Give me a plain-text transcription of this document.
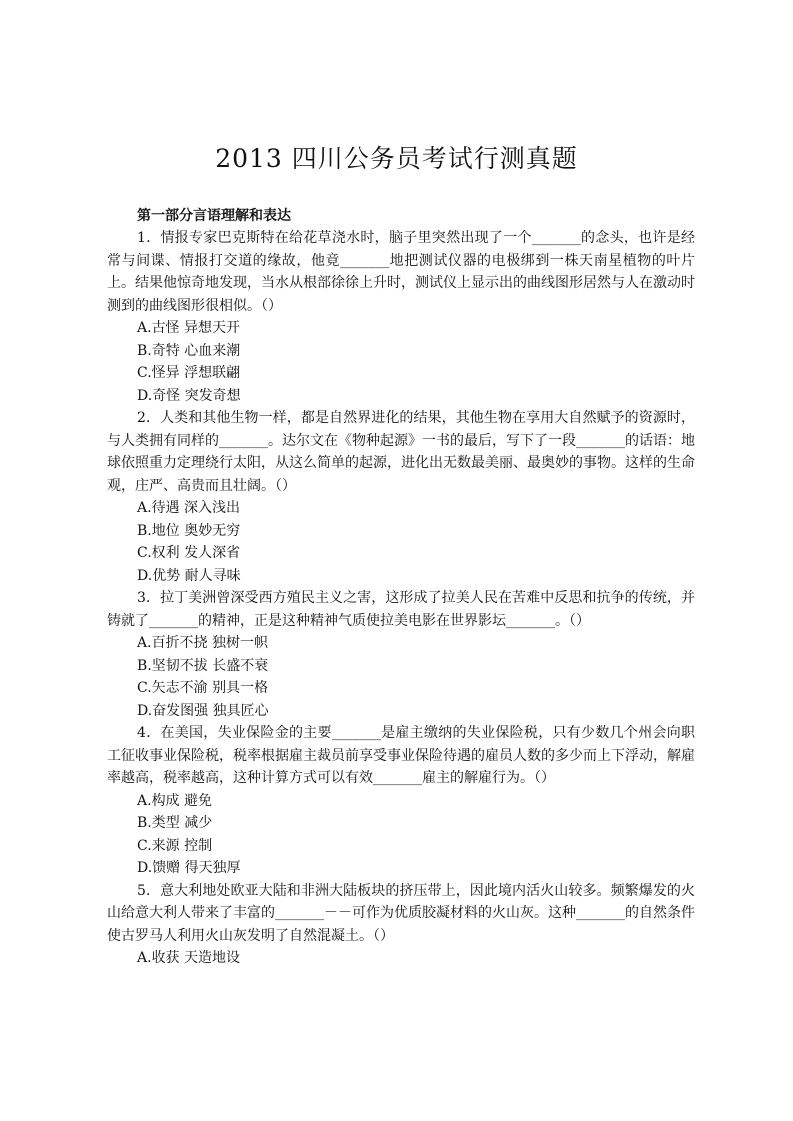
2013 四川公务员考试行测真题
第一部分言语理解和表达

1．情报专家巴克斯特在给花草浇水时，脑子里突然出现了一个_______的念头，也许是经常与间谍、情报打交道的缘故，他竟_______地把测试仪器的电极绑到一株天南星植物的叶片上。结果他惊奇地发现，当水从根部徐徐上升时，测试仪上显示出的曲线图形居然与人在激动时测到的曲线图形很相似。（）

A.古怪 异想天开
B.奇特 心血来潮
C.怪异 浮想联翩
D.奇怪 突发奇想

2．人类和其他生物一样，都是自然界进化的结果，其他生物在享用大自然赋予的资源时，与人类拥有同样的_______。达尔文在《物种起源》一书的最后，写下了一段_______的话语：地球依照重力定理绕行太阳，从这么简单的起源，进化出无数最美丽、最奥妙的事物。这样的生命观，庄严、高贵而且壮阔。（）

A.待遇 深入浅出
B.地位 奥妙无穷
C.权利 发人深省
D.优势 耐人寻味

3．拉丁美洲曾深受西方殖民主义之害，这形成了拉美人民在苦难中反思和抗争的传统，并铸就了_______的精神，正是这种精神气质使拉美电影在世界影坛_______。（）

A.百折不挠 独树一帜
B.坚韧不拔 长盛不衰
C.矢志不渝 别具一格
D.奋发图强 独具匠心

4．在美国，失业保险金的主要_______是雇主缴纳的失业保险税，只有少数几个州会向职工征收事业保险税，税率根据雇主裁员前享受事业保险待遇的雇员人数的多少而上下浮动，解雇率越高，税率越高，这种计算方式可以有效_______雇主的解雇行为。（）

A.构成 避免
B.类型 减少
C.来源 控制
D.馈赠 得天独厚

5．意大利地处欧亚大陆和非洲大陆板块的挤压带上，因此境内活火山较多。频繁爆发的火山给意大利人带来了丰富的_______－－可作为优质胶凝材料的火山灰。这种_______的自然条件使古罗马人利用火山灰发明了自然混凝土。（）

A.收获 天造地设
